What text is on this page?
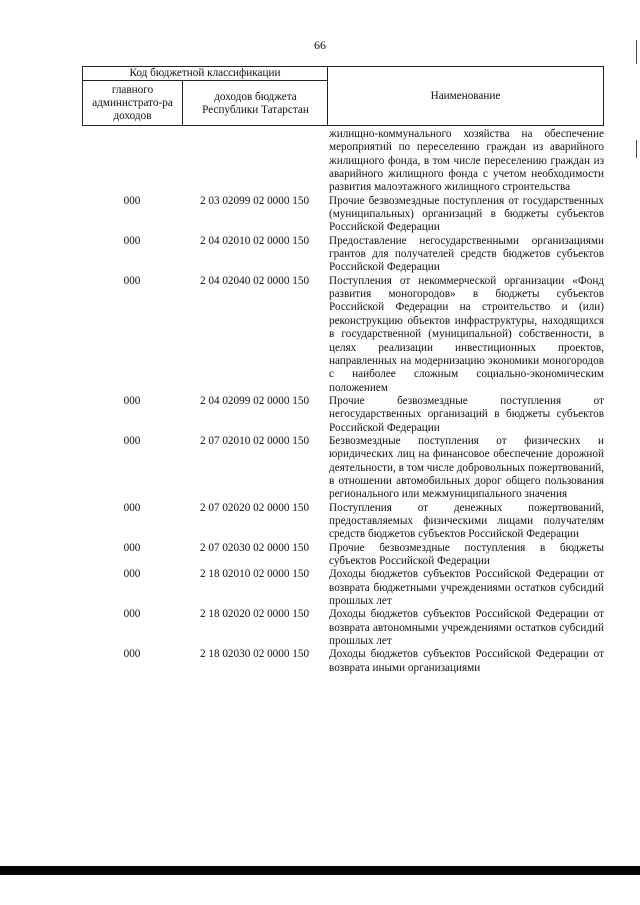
66
Код бюджетной классификации
главного администрато-ра доходов
доходов бюджета Республики Татарстан
Наименование
жилищно-коммунального хозяйства на обеспечение мероприятий по переселению граждан из аварийного жилищного фонда, в том числе переселению граждан из аварийного жилищного фонда с учетом необходимости развития малоэтажного жилищного строительства
000	2 03 02099 02 0000 150	Прочие безвозмездные поступления от государственных (муниципальных) организаций в бюджеты субъектов Российской Федерации
000	2 04 02010 02 0000 150	Предоставление негосударственными организациями грантов для получателей средств бюджетов субъектов Российской Федерации
000	2 04 02040 02 0000 150	Поступления от некоммерческой организации «Фонд развития моногородов» в бюджеты субъектов Российской Федерации на строительство и (или) реконструкцию объектов инфраструктуры, находящихся в государственной (муниципальной) собственности, в целях реализации инвестиционных проектов, направленных на модернизацию экономики моногородов с наиболее сложным социально-экономическим положением
000	2 04 02099 02 0000 150	Прочие безвозмездные поступления от негосударственных организаций в бюджеты субъектов Российской Федерации
000	2 07 02010 02 0000 150	Безвозмездные поступления от физических и юридических лиц на финансовое обеспечение дорожной деятельности, в том числе добровольных пожертвований, в отношении автомобильных дорог общего пользования регионального или межмуниципального значения
000	2 07 02020 02 0000 150	Поступления от денежных пожертвований, предоставляемых физическими лицами получателям средств бюджетов субъектов Российской Федерации
000	2 07 02030 02 0000 150	Прочие безвозмездные поступления в бюджеты субъектов Российской Федерации
000	2 18 02010 02 0000 150	Доходы бюджетов субъектов Российской Федерации от возврата бюджетными учреждениями остатков субсидий прошлых лет
000	2 18 02020 02 0000 150	Доходы бюджетов субъектов Российской Федерации от возврата автономными учреждениями остатков субсидий прошлых лет
000	2 18 02030 02 0000 150	Доходы бюджетов субъектов Российской Федерации от возврата иными организациями
